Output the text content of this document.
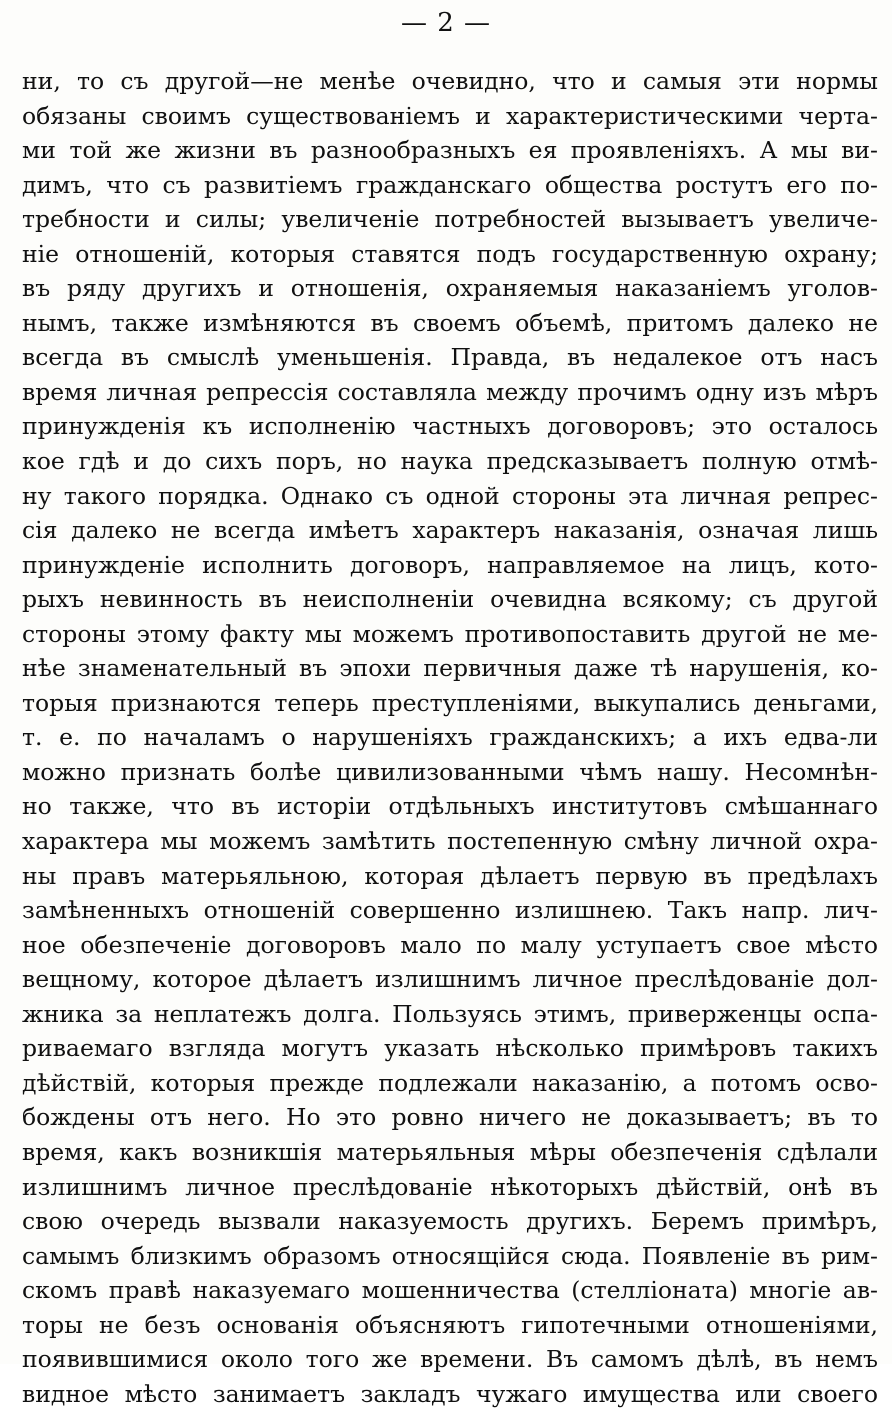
— 2 —
ни, то съ другой—не менѣе очевидно, что и самыя эти нормы
обязаны своимъ существованіемъ и характеристическими черта-
ми той же жизни въ разнообразныхъ ея проявленіяхъ. А мы ви-
димъ, что съ развитіемъ гражданскаго общества ростутъ его по-
требности и силы; увеличеніе потребностей вызываетъ увеличе-
ніе отношеній, которыя ставятся подъ государственную охрану;
въ ряду другихъ и отношенія, охраняемыя наказаніемъ уголов-
нымъ, также измѣняются въ своемъ объемѣ, притомъ далеко не
всегда въ смыслѣ уменьшенія. Правда, въ недалекое отъ насъ
время личная репрессія составляла между прочимъ одну изъ мѣръ
принужденія къ исполненію частныхъ договоровъ; это осталось
кое гдѣ и до сихъ поръ, но наука предсказываетъ полную отмѣ-
ну такого порядка. Однако съ одной стороны эта личная репрес-
сія далеко не всегда имѣетъ характеръ наказанія, означая лишь
принужденіе исполнить договоръ, направляемое на лицъ, кото-
рыхъ невинность въ неисполненіи очевидна всякому; съ другой
стороны этому факту мы можемъ противопоставить другой не ме-
нѣе знаменательный въ эпохи первичныя даже тѣ нарушенія, ко-
торыя признаются теперь преступленіями, выкупались деньгами,
т. е. по началамъ о нарушеніяхъ гражданскихъ; а ихъ едва-ли
можно признать болѣе цивилизованными чѣмъ нашу. Несомнѣн-
но также, что въ исторіи отдѣльныхъ институтовъ смѣшаннаго
характера мы можемъ замѣтить постепенную смѣну личной охра-
ны правъ матерьяльною, которая дѣлаетъ первую въ предѣлахъ
замѣненныхъ отношеній совершенно излишнею. Такъ напр. лич-
ное обезпеченіе договоровъ мало по малу уступаетъ свое мѣсто
вещному, которое дѣлаетъ излишнимъ личное преслѣдованіе дол-
жника за неплатежъ долга. Пользуясь этимъ, приверженцы оспа-
риваемаго взгляда могутъ указать нѣсколько примѣровъ такихъ
дѣйствій, которыя прежде подлежали наказанію, а потомъ осво-
бождены отъ него. Но это ровно ничего не доказываетъ; въ то
время, какъ возникшія матерьяльныя мѣры обезпеченія сдѣлали
излишнимъ личное преслѣдованіе нѣкоторыхъ дѣйствій, онѣ въ
свою очередь вызвали наказуемость другихъ. Беремъ примѣръ,
самымъ близкимъ образомъ относящійся сюда. Появленіе въ рим-
скомъ правѣ наказуемаго мошенничества (стелліоната) многіе ав-
торы не безъ основанія объясняютъ гипотечными отношеніями,
появившимися около того же времени. Въ самомъ дѣлѣ, въ немъ
видное мѣсто занимаетъ закладъ чужаго имущества или своего
